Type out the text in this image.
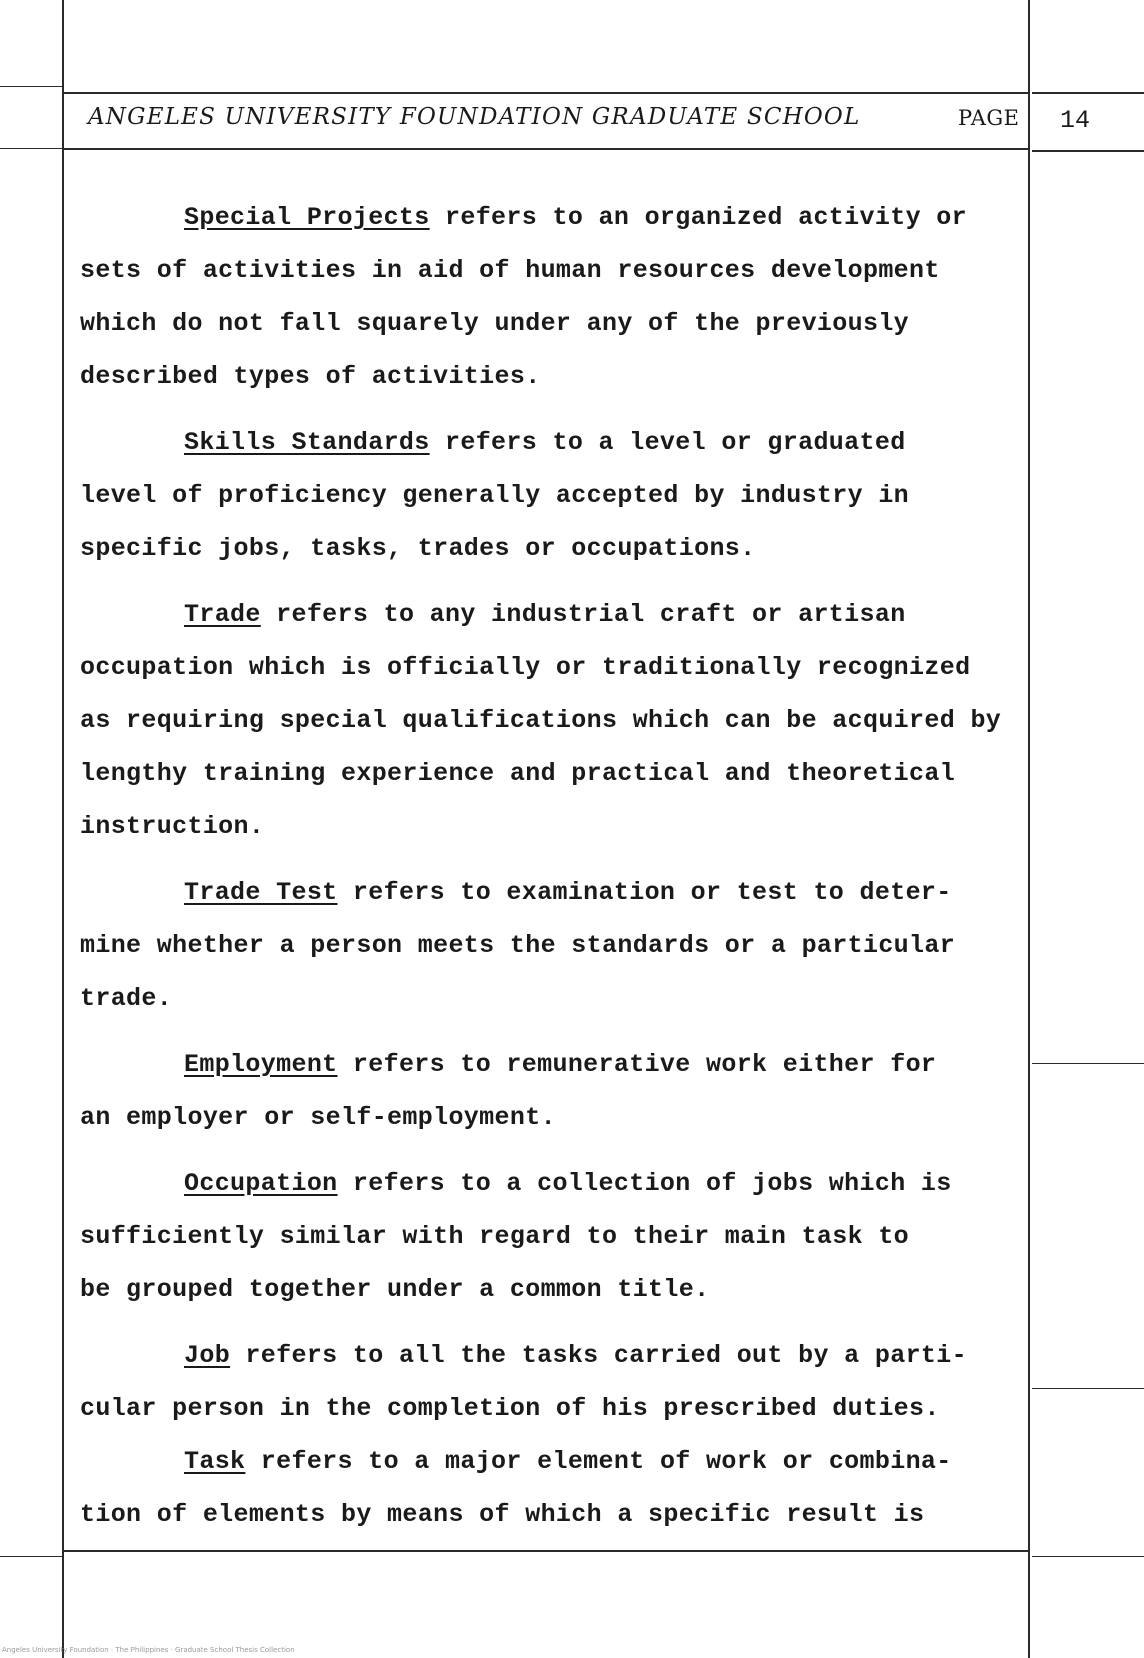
ANGELES UNIVERSITY FOUNDATION GRADUATE SCHOOL	PAGE 14

Special Projects refers to an organized activity or
sets of activities in aid of human resources development
which do not fall squarely under any of the previously
described types of activities.

Skills Standards refers to a level or graduated
level of proficiency generally accepted by industry in
specific jobs, tasks, trades or occupations.

Trade refers to any industrial craft or artisan
occupation which is officially or traditionally recognized
as requiring special qualifications which can be acquired by
lengthy training experience and practical and theoretical
instruction.

Trade Test refers to examination or test to deter-
mine whether a person meets the standards or a particular
trade.

Employment refers to remunerative work either for
an employer or self-employment.

Occupation refers to a collection of jobs which is
sufficiently similar with regard to their main task to
be grouped together under a common title.

Job refers to all the tasks carried out by a parti-
cular person in the completion of his prescribed duties.

Task refers to a major element of work or combina-
tion of elements by means of which a specific result is

Angeles University Foundation · The Philippines · Graduate School Thesis Collection
